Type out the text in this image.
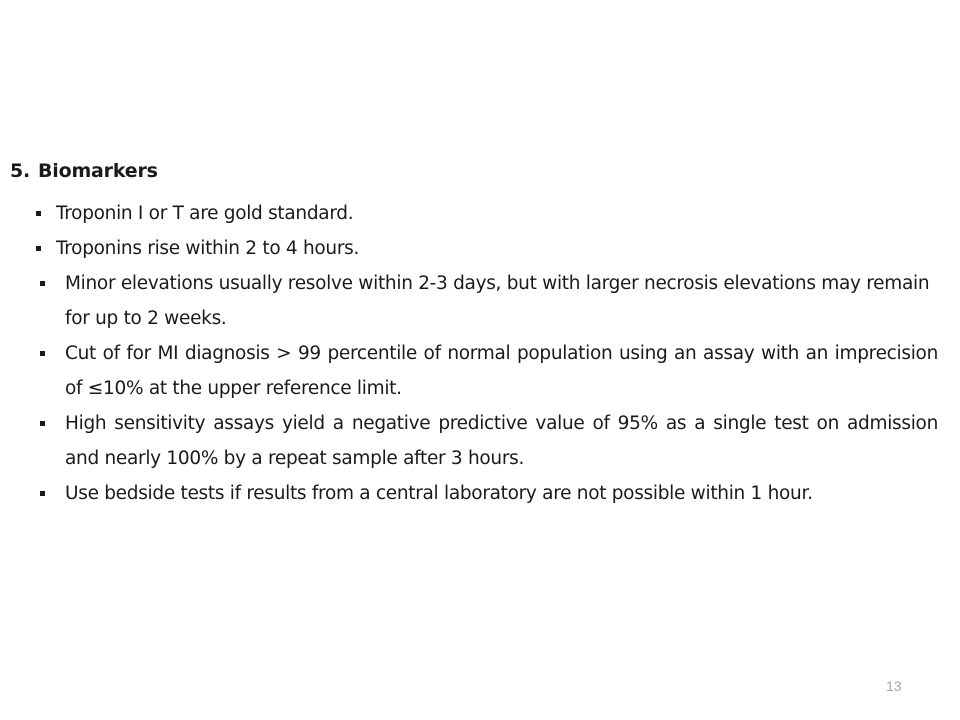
5. Biomarkers
Troponin I or T are gold standard.
Troponins rise within 2 to 4 hours.
Minor elevations usually resolve within 2-3 days, but with larger necrosis elevations may remain for up to 2 weeks.
Cut of for MI diagnosis > 99 percentile of normal population using an assay with an imprecision of ≤10% at the upper reference limit.
High sensitivity assays yield a negative predictive value of 95% as a single test on admission and nearly 100% by a repeat sample after 3 hours.
Use bedside tests if results from a central laboratory are not possible within 1 hour.
13
